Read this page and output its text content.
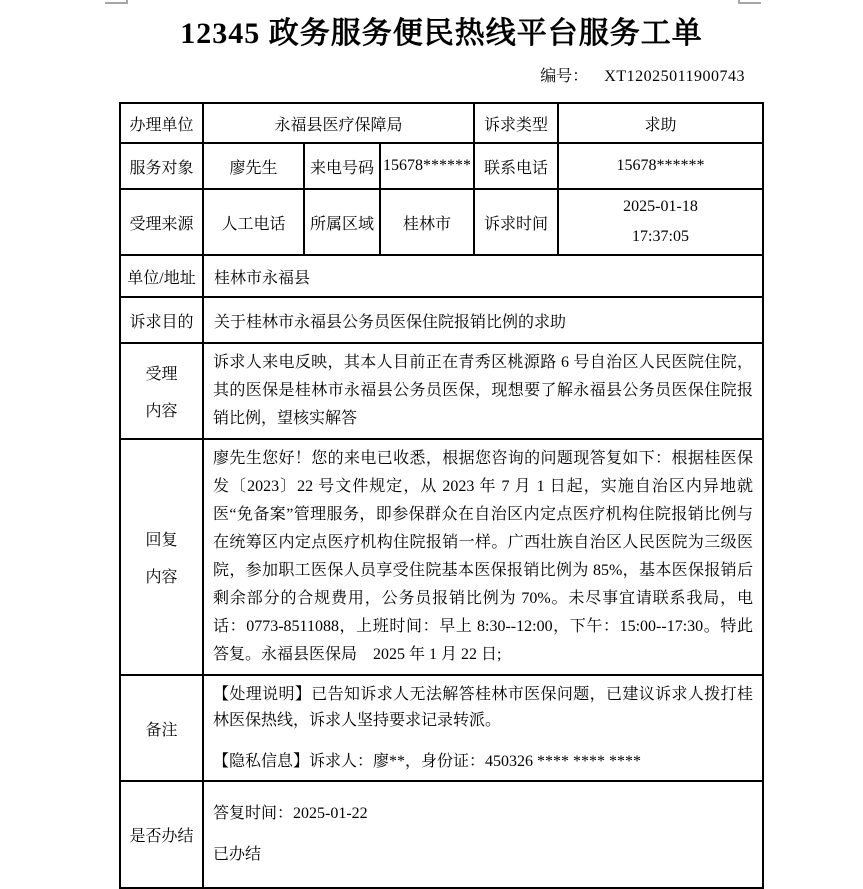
12345 政务服务便民热线平台服务工单
编号： XT12025011900743
办理单位	永福县医疗保障局			诉求类型	求助
服务对象	廖先生	来电号码	15678******	联系电话	15678******
受理来源	人工电话	所属区域	桂林市	诉求时间	2025-01-18
17:37:05

单位/地址	桂林市永福县				
诉求目的	关于桂林市永福县公务员医保住院报销比例的求助				

受理
内容	诉求人来电反映，其本人目前正在青秀区桃源路 6 号自治区人民医院住院，其的医保是桂林市永福县公务员医保，现想要了解永福县公务员医保住院报销比例，望核实解答				

回复
内容	廖先生您好！您的来电已收悉，根据您咨询的问题现答复如下：根据桂医保发〔2023〕22 号文件规定，从 2023 年 7 月 1 日起，实施自治区内异地就医“免备案”管理服务，即参保群众在自治区内定点医疗机构住院报销比例与在统筹区内定点医疗机构住院报销一样。广西壮族自治区人民医院为三级医院，参加职工医保人员享受住院基本医保报销比例为 85%，基本医保报销后剩余部分的合规费用，公务员报销比例为 70%。未尽事宜请联系我局，电话：0773-8511088，上班时间：早上 8:30--12:00，下午：15:00--17:30。特此答复。永福县医保局　2025 年 1 月 22 日;				
备注	【处理说明】已告知诉求人无法解答桂林市医保问题，已建议诉求人拨打桂林医保热线，诉求人坚持要求记录转派。
【隐私信息】诉求人：廖**，身份证：450326 **** **** ****				

是否办结	答复时间：2025-01-22
已办结				
